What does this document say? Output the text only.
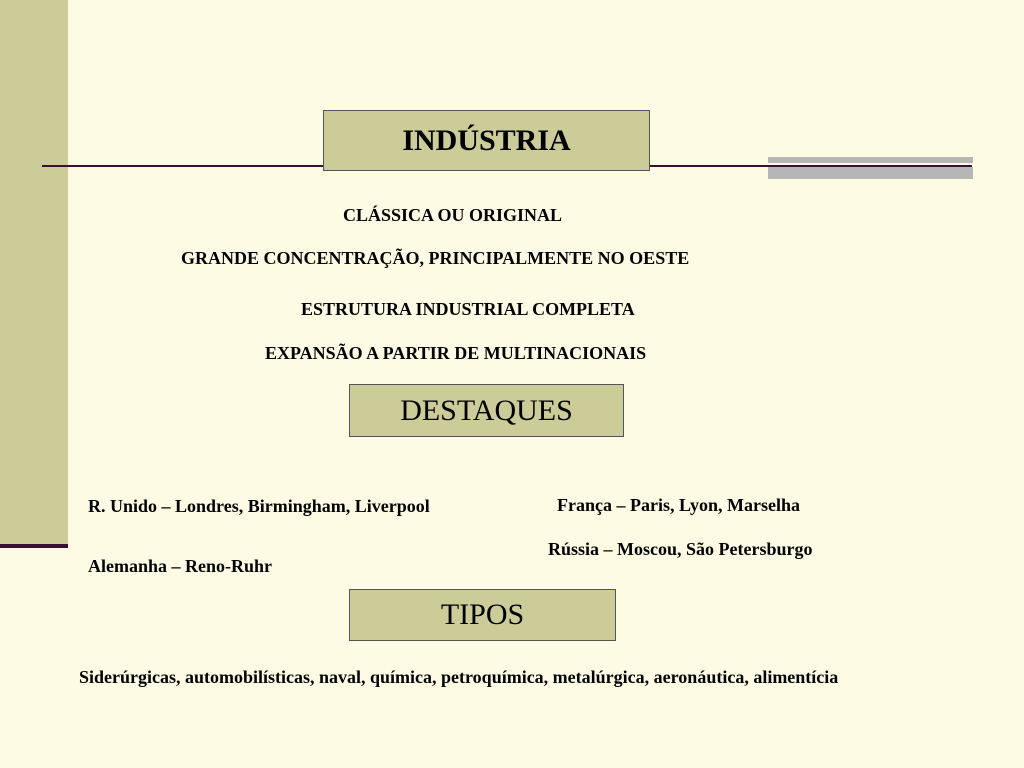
INDÚSTRIA
CLÁSSICA OU ORIGINAL
GRANDE CONCENTRAÇÃO, PRINCIPALMENTE NO OESTE
ESTRUTURA INDUSTRIAL COMPLETA
EXPANSÃO A PARTIR DE MULTINACIONAIS
DESTAQUES
R. Unido – Londres, Birmingham, Liverpool
Alemanha – Reno-Ruhr
França – Paris, Lyon, Marselha
Rússia – Moscou, São Petersburgo
TIPOS
Siderúrgicas, automobilísticas, naval, química, petroquímica, metalúrgica, aeronáutica, alimentícia
